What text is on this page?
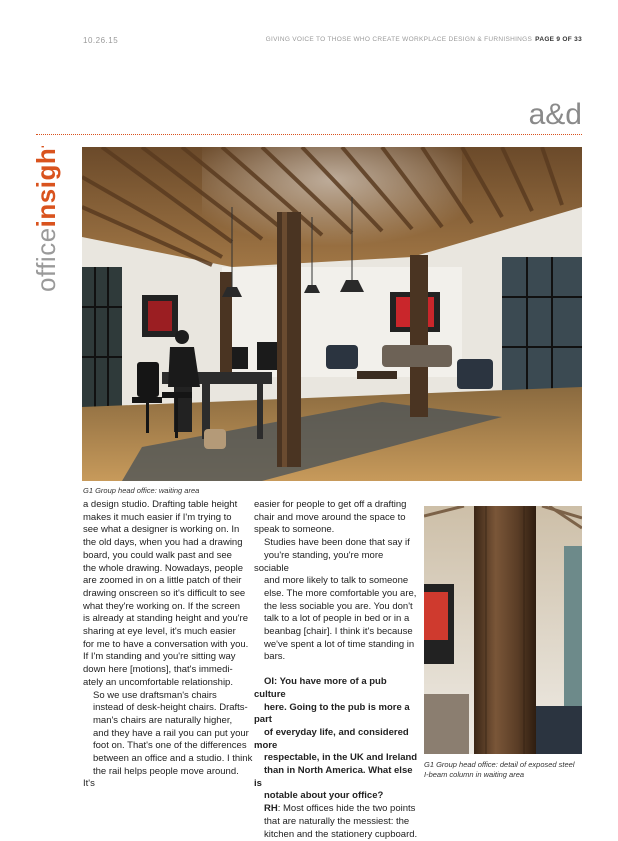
10.26.15	GIVING VOICE TO THOSE WHO CREATE WORKPLACE DESIGN & FURNISHINGS PAGE 9 OF 33
a&d
officeinsight
G1 Group head office: waiting area
G1 Group head office: detail of exposed steel
I-beam column in waiting area
a design studio. Drafting table height
makes it much easier if I'm trying to
see what a designer is working on. In
the old days, when you had a drawing
board, you could walk past and see
the whole drawing. Nowadays, people
are zoomed in on a little patch of their
drawing onscreen so it's difficult to see
what they're working on. If the screen
is already at standing height and you're
sharing at eye level, it's much easier
for me to have a conversation with you.
If I'm standing and you're sitting way
down here [motions], that's immedi-
ately an uncomfortable relationship.
So we use draftsman's chairs
instead of desk-height chairs. Drafts-
man's chairs are naturally higher,
and they have a rail you can put your
foot on. That's one of the differences
between an office and a studio. I think
the rail helps people move around. It's
easier for people to get off a drafting
chair and move around the space to
speak to someone.
Studies have been done that say if
you're standing, you're more sociable
and more likely to talk to someone
else. The more comfortable you are,
the less sociable you are. You don't
talk to a lot of people in bed or in a
beanbag [chair]. I think it's because
we've spent a lot of time standing in
bars.
OI: You have more of a pub culture
here. Going to the pub is more a part
of everyday life, and considered more
respectable, in the UK and Ireland
than in North America. What else is
notable about your office?
RH: Most offices hide the two points
that are naturally the messiest: the
kitchen and the stationery cupboard.
